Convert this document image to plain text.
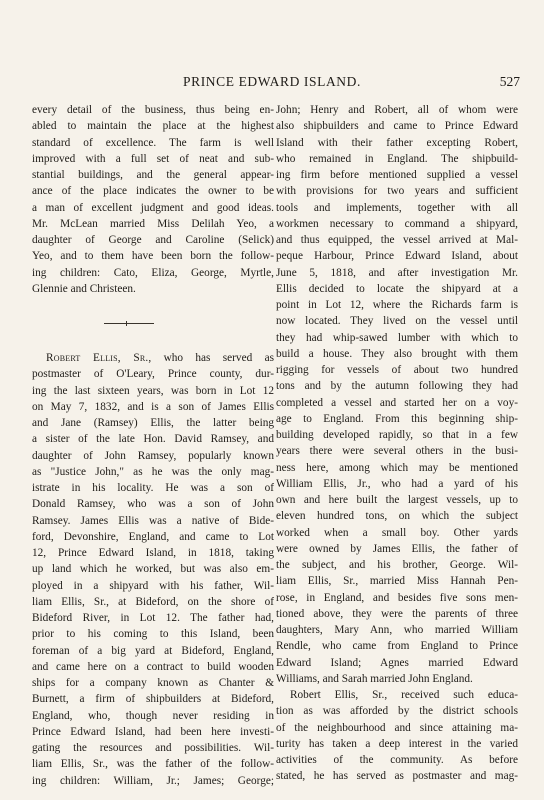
PRINCE EDWARD ISLAND.	527
every detail of the business, thus being en-
abled to maintain the place at the highest
standard of excellence. The farm is well
improved with a full set of neat and sub-
stantial buildings, and the general appear-
ance of the place indicates the owner to be
a man of excellent judgment and good ideas.
Mr. McLean married Miss Delilah Yeo, a
daughter of George and Caroline (Selick)
Yeo, and to them have been born the follow-
ing children: Cato, Eliza, George, Myrtle,
Glennie and Christeen.
Robert Ellis, Sr., who has served as
postmaster of O'Leary, Prince county, dur-
ing the last sixteen years, was born in Lot 12
on May 7, 1832, and is a son of James Ellis
and Jane (Ramsey) Ellis, the latter being
a sister of the late Hon. David Ramsey, and
daughter of John Ramsey, popularly known
as "Justice John," as he was the only mag-
istrate in his locality. He was a son of
Donald Ramsey, who was a son of John
Ramsey. James Ellis was a native of Bide-
ford, Devonshire, England, and came to Lot
12, Prince Edward Island, in 1818, taking
up land which he worked, but was also em-
ployed in a shipyard with his father, Wil-
liam Ellis, Sr., at Bideford, on the shore of
Bideford River, in Lot 12. The father had,
prior to his coming to this Island, been
foreman of a big yard at Bideford, England,
and came here on a contract to build wooden
ships for a company known as Chanter &
Burnett, a firm of shipbuilders at Bideford,
England, who, though never residing in
Prince Edward Island, had been here investi-
gating the resources and possibilities. Wil-
liam Ellis, Sr., was the father of the follow-
ing children: William, Jr.; James; George;
John; Henry and Robert, all of whom were
also shipbuilders and came to Prince Edward
Island with their father excepting Robert,
who remained in England. The shipbuild-
ing firm before mentioned supplied a vessel
with provisions for two years and sufficient
tools and implements, together with all
workmen necessary to command a shipyard,
and thus equipped, the vessel arrived at Mal-
peque Harbour, Prince Edward Island, about
June 5, 1818, and after investigation Mr.
Ellis decided to locate the shipyard at a
point in Lot 12, where the Richards farm is
now located. They lived on the vessel until
they had whip-sawed lumber with which to
build a house. They also brought with them
rigging for vessels of about two hundred
tons and by the autumn following they had
completed a vessel and started her on a voy-
age to England. From this beginning ship-
building developed rapidly, so that in a few
years there were several others in the busi-
ness here, among which may be mentioned
William Ellis, Jr., who had a yard of his
own and here built the largest vessels, up to
eleven hundred tons, on which the subject
worked when a small boy. Other yards
were owned by James Ellis, the father of
the subject, and his brother, George. Wil-
liam Ellis, Sr., married Miss Hannah Pen-
rose, in England, and besides five sons men-
tioned above, they were the parents of three
daughters, Mary Ann, who married William
Rendle, who came from England to Prince
Edward Island; Agnes married Edward
Williams, and Sarah married John England.
Robert Ellis, Sr., received such educa-
tion as was afforded by the district schools
of the neighbourhood and since attaining ma-
turity has taken a deep interest in the varied
activities of the community. As before
stated, he has served as postmaster and mag-
